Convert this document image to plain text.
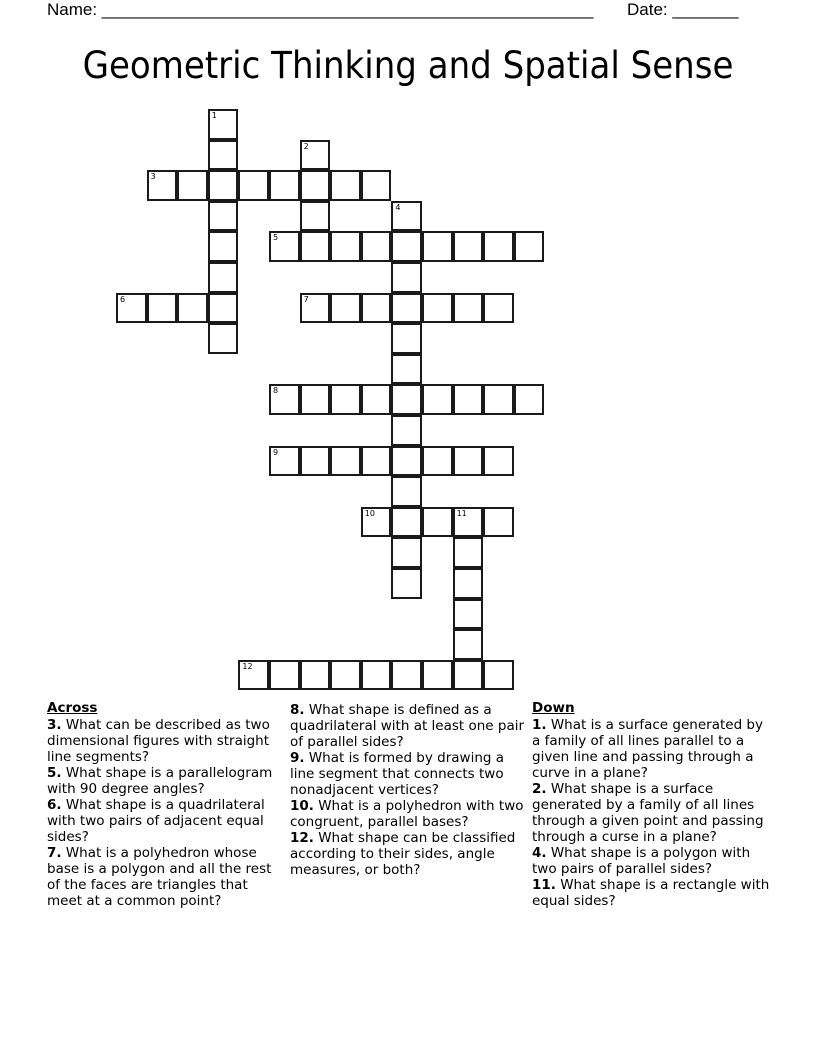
Name: ____________________________________________________ Date: _______
Geometric Thinking and Spatial Sense
1
2
3
4
5
6	7
8
9
10	11
12
Across

3. What can be described as two dimensional figures with straight line segments?

5. What shape is a parallelogram with 90 degree angles?

6. What shape is a quadrilateral with two pairs of adjacent equal sides?

7. What is a polyhedron whose base is a polygon and all the rest of the faces are triangles that meet at a common point?

8. What shape is defined as a quadrilateral with at least one pair of parallel sides?

9. What is formed by drawing a line segment that connects two nonadjacent vertices?

10. What is a polyhedron with two congruent, parallel bases?

12. What shape can be classified according to their sides, angle measures, or both?

Down

1. What is a surface generated by a family of all lines parallel to a given line and passing through a curve in a plane?

2. What shape is a surface generated by a family of all lines through a given point and passing through a curse in a plane?

4. What shape is a polygon with two pairs of parallel sides?

11. What shape is a rectangle with equal sides?
